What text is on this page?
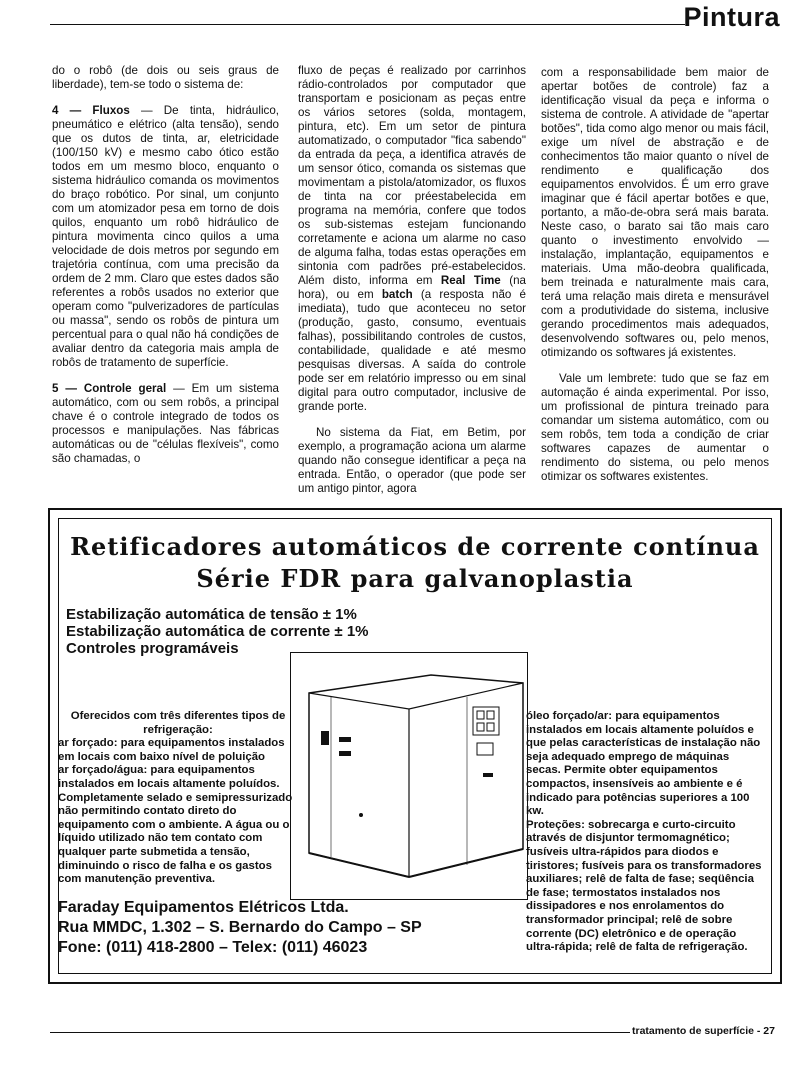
Pintura

do o robô (de dois ou seis graus de liberdade), tem-se todo o sistema de:

4 — Fluxos — De tinta, hidráulico, pneumático e elétrico (alta tensão), sendo que os dutos de tinta, ar, eletricidade (100/150 kV) e mesmo cabo ótico estão todos em um mesmo bloco, enquanto o sistema hidráulico comanda os movimentos do braço robótico. Por sinal, um conjunto com um atomizador pesa em torno de dois quilos, enquanto um robô hidráulico de pintura movimenta cinco quilos a uma velocidade de dois metros por segundo em trajetória contínua, com uma precisão da ordem de 2 mm. Claro que estes dados são referentes a robôs usados no exterior que operam como "pulverizadores de partículas ou massa", sendo os robôs de pintura um percentual para o qual não há condições de avaliar dentro da categoria mais ampla de robôs de tratamento de superfície.

5 — Controle geral — Em um sistema automático, com ou sem robôs, a principal chave é o controle integrado de todos os processos e manipulações. Nas fábricas automáticas ou de "células flexíveis", como são chamadas, o

fluxo de peças é realizado por carrinhos rádio-controlados por computador que transportam e posicionam as peças entre os vários setores (solda, montagem, pintura, etc). Em um setor de pintura automatizado, o computador "fica sabendo" da entrada da peça, a identifica através de um sensor ótico, comanda os sistemas que movimentam a pistola/atomizador, os fluxos de tinta na cor préestabelecida em programa na memória, confere que todos os sub-sistemas estejam funcionando corretamente e aciona um alarme no caso de alguma falha, todas estas operações em sintonia com padrões pré-estabelecidos. Além disto, informa em Real Time (na hora), ou em batch (a resposta não é imediata), tudo que aconteceu no setor (produção, gasto, consumo, eventuais falhas), possibilitando controles de custos, contabilidade, qualidade e até mesmo pesquisas diversas. A saída do controle pode ser em relatório impresso ou em sinal digital para outro computador, inclusive de grande porte.

No sistema da Fiat, em Betim, por exemplo, a programação aciona um alarme quando não consegue identificar a peça na entrada. Então, o operador (que pode ser um antigo pintor, agora

com a responsabilidade bem maior de apertar botões de controle) faz a identificação visual da peça e informa o sistema de controle. A atividade de "apertar botões", tida como algo menor ou mais fácil, exige um nível de abstração e de conhecimentos tão maior quanto o nível de rendimento e qualificação dos equipamentos envolvidos. É um erro grave imaginar que é fácil apertar botões e que, portanto, a mão-de-obra será mais barata. Neste caso, o barato sai tão mais caro quanto o investimento envolvido — instalação, implantação, equipamentos e materiais. Uma mão-deobra qualificada, bem treinada e naturalmente mais cara, terá uma relação mais direta e mensurável com a produtividade do sistema, inclusive gerando procedimentos mais adequados, desenvolvendo softwares ou, pelo menos, otimizando os softwares já existentes.

Vale um lembrete: tudo que se faz em automação é ainda experimental. Por isso, um profissional de pintura treinado para comandar um sistema automático, com ou sem robôs, tem toda a condição de criar softwares capazes de aumentar o rendimento do sistema, ou pelo menos otimizar os softwares existentes.

Retificadores automáticos de corrente contínua
Série FDR para galvanoplastia
Estabilização automática de tensão ± 1%
Estabilização automática de corrente ± 1%
Controles programáveis

Oferecidos com três diferentes tipos de refrigeração:

ar forçado: para equipamentos instalados em locais com baixo nível de poluição

ar forçado/água: para equipamentos instalados em locais altamente poluídos. Completamente selado e semipressurizado não permitindo contato direto do equipamento com o ambiente. A água ou o líquido utilizado não tem contato com qualquer parte submetida a tensão, diminuindo o risco de falha e os gastos com manutenção preventiva.

óleo forçado/ar: para equipamentos instalados em locais altamente poluídos e que pelas características de instalação não seja adequado emprego de máquinas secas. Permite obter equipamentos compactos, insensíveis ao ambiente e é indicado para potências superiores a 100 kw.

Proteções: sobrecarga e curto-circuito através de disjuntor termomagnético; fusíveis ultra-rápidos para diodos e tiristores; fusíveis para os transformadores auxiliares; relê de falta de fase; seqüência de fase; termostatos instalados nos dissipadores e nos enrolamentos do transformador principal; relê de sobre corrente (DC) eletrônico e de operação ultra-rápida; relê de falta de refrigeração.

Faraday Equipamentos Elétricos Ltda.
Rua MMDC, 1.302 – S. Bernardo do Campo – SP
Fone: (011) 418-2800 – Telex: (011) 46023
tratamento de superfície - 27
